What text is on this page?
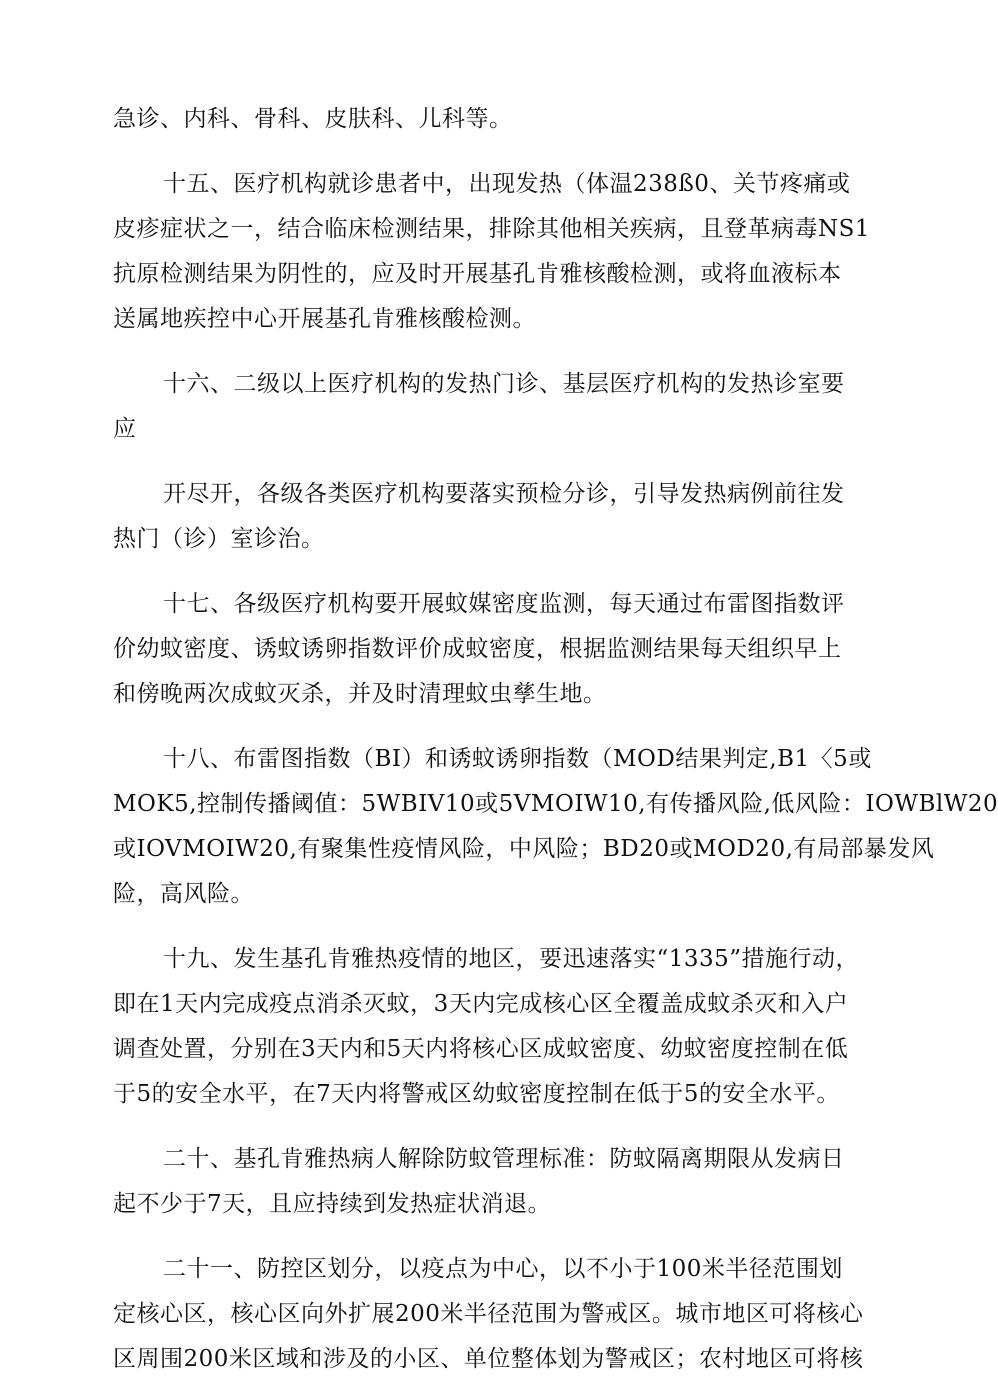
急诊、内科、骨科、皮肤科、儿科等。
十五、医疗机构就诊患者中，出现发热（体温238ß0、关节疼痛或
皮疹症状之一，结合临床检测结果，排除其他相关疾病，且登革病毒NS1
抗原检测结果为阴性的，应及时开展基孔肯雅核酸检测，或将血液标本
送属地疾控中心开展基孔肯雅核酸检测。
十六、二级以上医疗机构的发热门诊、基层医疗机构的发热诊室要
应
开尽开，各级各类医疗机构要落实预检分诊，引导发热病例前往发
热门（诊）室诊治。
十七、各级医疗机构要开展蚊媒密度监测，每天通过布雷图指数评
价幼蚊密度、诱蚊诱卵指数评价成蚊密度，根据监测结果每天组织早上
和傍晚两次成蚊灭杀，并及时清理蚊虫孳生地。
十八、布雷图指数（BI）和诱蚊诱卵指数（MOD结果判定,B1〈5或
MOK5,控制传播阈值：5WBIV10或5VMOIW10,有传播风险,低风险：IOWBlW20
或IOVMOIW20,有聚集性疫情风险，中风险；BD20或MOD20,有局部暴发风
险，高风险。
十九、发生基孔肯雅热疫情的地区，要迅速落实“1335”措施行动，
即在1天内完成疫点消杀灭蚊，3天内完成核心区全覆盖成蚊杀灭和入户
调查处置，分别在3天内和5天内将核心区成蚊密度、幼蚊密度控制在低
于5的安全水平，在7天内将警戒区幼蚊密度控制在低于5的安全水平。
二十、基孔肯雅热病人解除防蚊管理标准：防蚊隔离期限从发病日
起不少于7天，且应持续到发热症状消退。
二十一、防控区划分，以疫点为中心，以不小于100米半径范围划
定核心区，核心区向外扩展200米半径范围为警戒区。城市地区可将核心
区周围200米区域和涉及的小区、单位整体划为警戒区；农村地区可将核
